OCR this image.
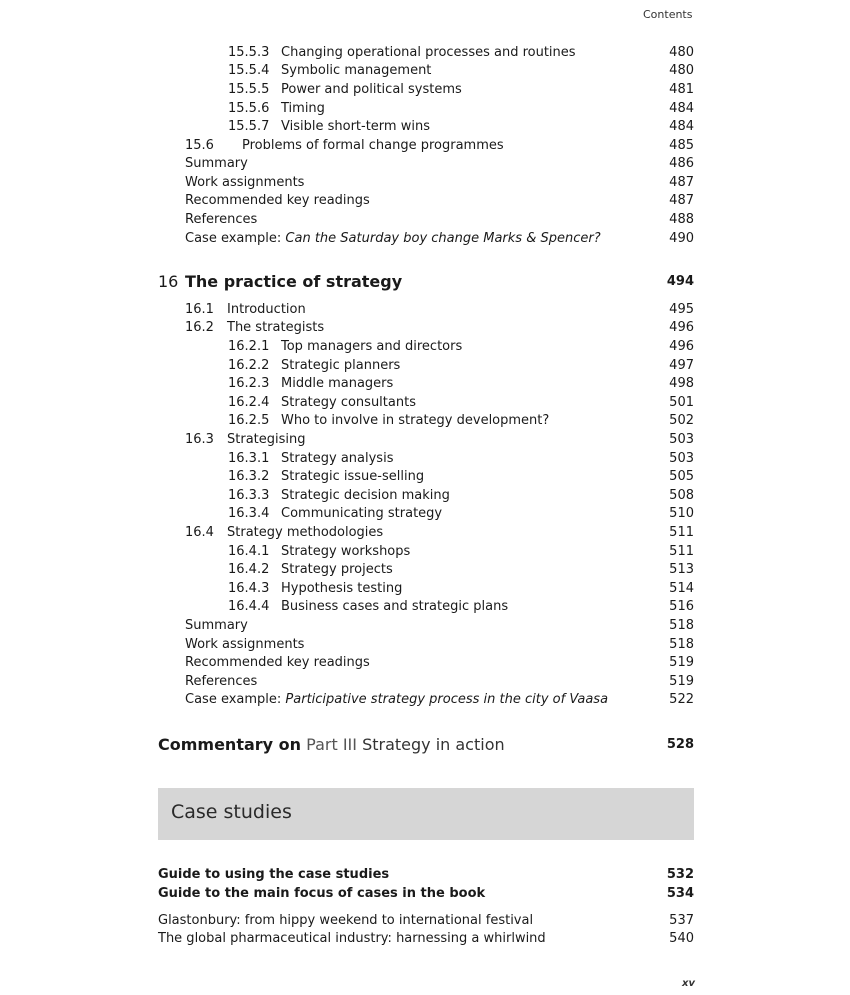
Contents
15.5.3 Changing operational processes and routines	480
15.5.4 Symbolic management	480
15.5.5 Power and political systems	481
15.5.6 Timing	484
15.5.7 Visible short-term wins	484
15.6 Problems of formal change programmes	485
Summary	486
Work assignments	487
Recommended key readings	487
References	488
Case example: Can the Saturday boy change Marks & Spencer?	490
16 The practice of strategy	494
16.1 Introduction	495
16.2 The strategists	496
16.2.1 Top managers and directors	496
16.2.2 Strategic planners	497
16.2.3 Middle managers	498
16.2.4 Strategy consultants	501
16.2.5 Who to involve in strategy development?	502
16.3 Strategising	503
16.3.1 Strategy analysis	503
16.3.2 Strategic issue-selling	505
16.3.3 Strategic decision making	508
16.3.4 Communicating strategy	510
16.4 Strategy methodologies	511
16.4.1 Strategy workshops	511
16.4.2 Strategy projects	513
16.4.3 Hypothesis testing	514
16.4.4 Business cases and strategic plans	516
Summary	518
Work assignments	518
Recommended key readings	519
References	519
Case example: Participative strategy process in the city of Vaasa	522
Commentary on Part III Strategy in action	528
Case studies
Guide to using the case studies	532
Guide to the main focus of cases in the book	534
Glastonbury: from hippy weekend to international festival	537
The global pharmaceutical industry: harnessing a whirlwind	540
xv
